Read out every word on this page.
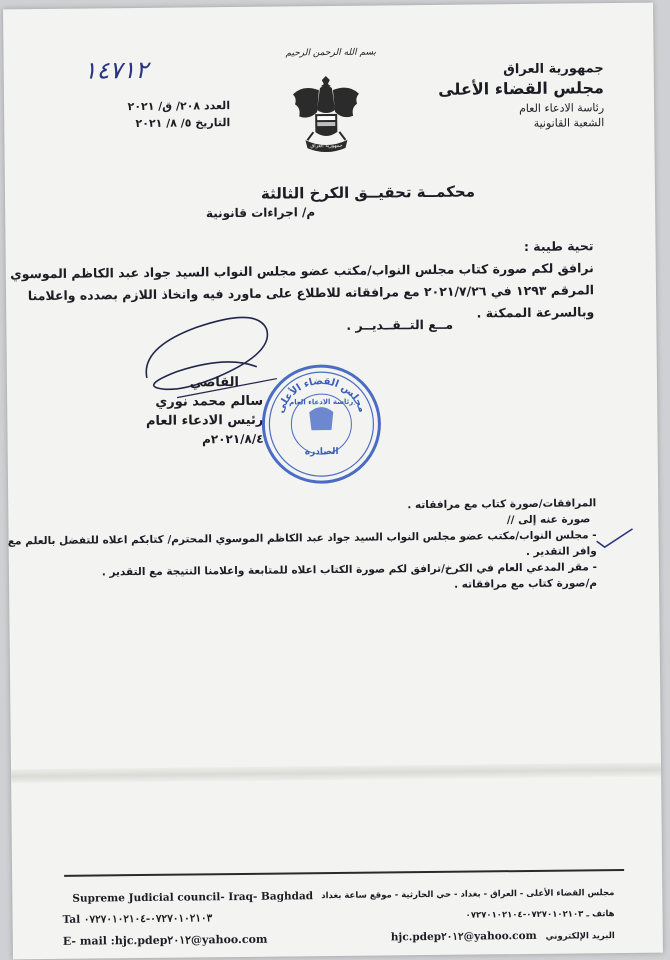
١٤٧١٢
بسم الله الرحمن الرحيم
جمهورية العراق
جمهورية العراق
مجلس القضاء الأعلى
رئاسة الادعاء العام
الشعبة القانونية
العدد ٢٠٨/ ق/ ٢٠٢١
التاريخ ٥/ ٨/ ٢٠٢١
محكمــة تحقيــق الكرخ الثالثة
م/ اجراءات قانونية
تحية طيبة :
نرافق لكم صورة كتاب مجلس النواب/مكتب عضو مجلس النواب السيد جواد عبد الكاظم الموسوي
المرقم ١٢٩٣ في ٢٠٢١/٧/٢٦ مع مرافقاته للاطلاع على ماورد فيه واتخاذ اللازم بصدده واعلامنا
وبالسرعة الممكنة .
مــع التــقــديــر .
القاضي
سالم محمد نوري
رئيس الادعاء العام
٢٠٢١/٨/٤م
مجلس القضاء الأعلى
رئاسة الادعاء العام
الصادرة
المرافقات/صورة كتاب مع مرافقاته .
صورة عنه إلى //
- مجلس النواب/مكتب عضو مجلس النواب السيد جواد عبد الكاظم الموسوي المحترم/ كتابكم اعلاه للتفضل بالعلم مع
وافر التقدير .
- مقر المدعي العام في الكرخ/ترافق لكم صورة الكتاب اعلاه للمتابعة واعلامنا النتيجة مع التقدير .
م/صورة كتاب مع مرافقاته .
Supreme Judicial council- Iraq- Baghdad
Tal ٠٧٢٧٠١٠٢١٠٣-٠٧٢٧٠١٠٢١٠٤
E- mail :hjc.pdep٢٠١٢@yahoo.com
مجلس القضاء الأعلى - العراق - بغداد - حي الحارثية - موقع ساعة بغداد
هاتف ـ ٠٧٢٧٠١٠٢١٠٣-٠٧٢٧٠١٠٢١٠٤
البريد الإلكتروني hjc.pdep٢٠١٢@yahoo.com
